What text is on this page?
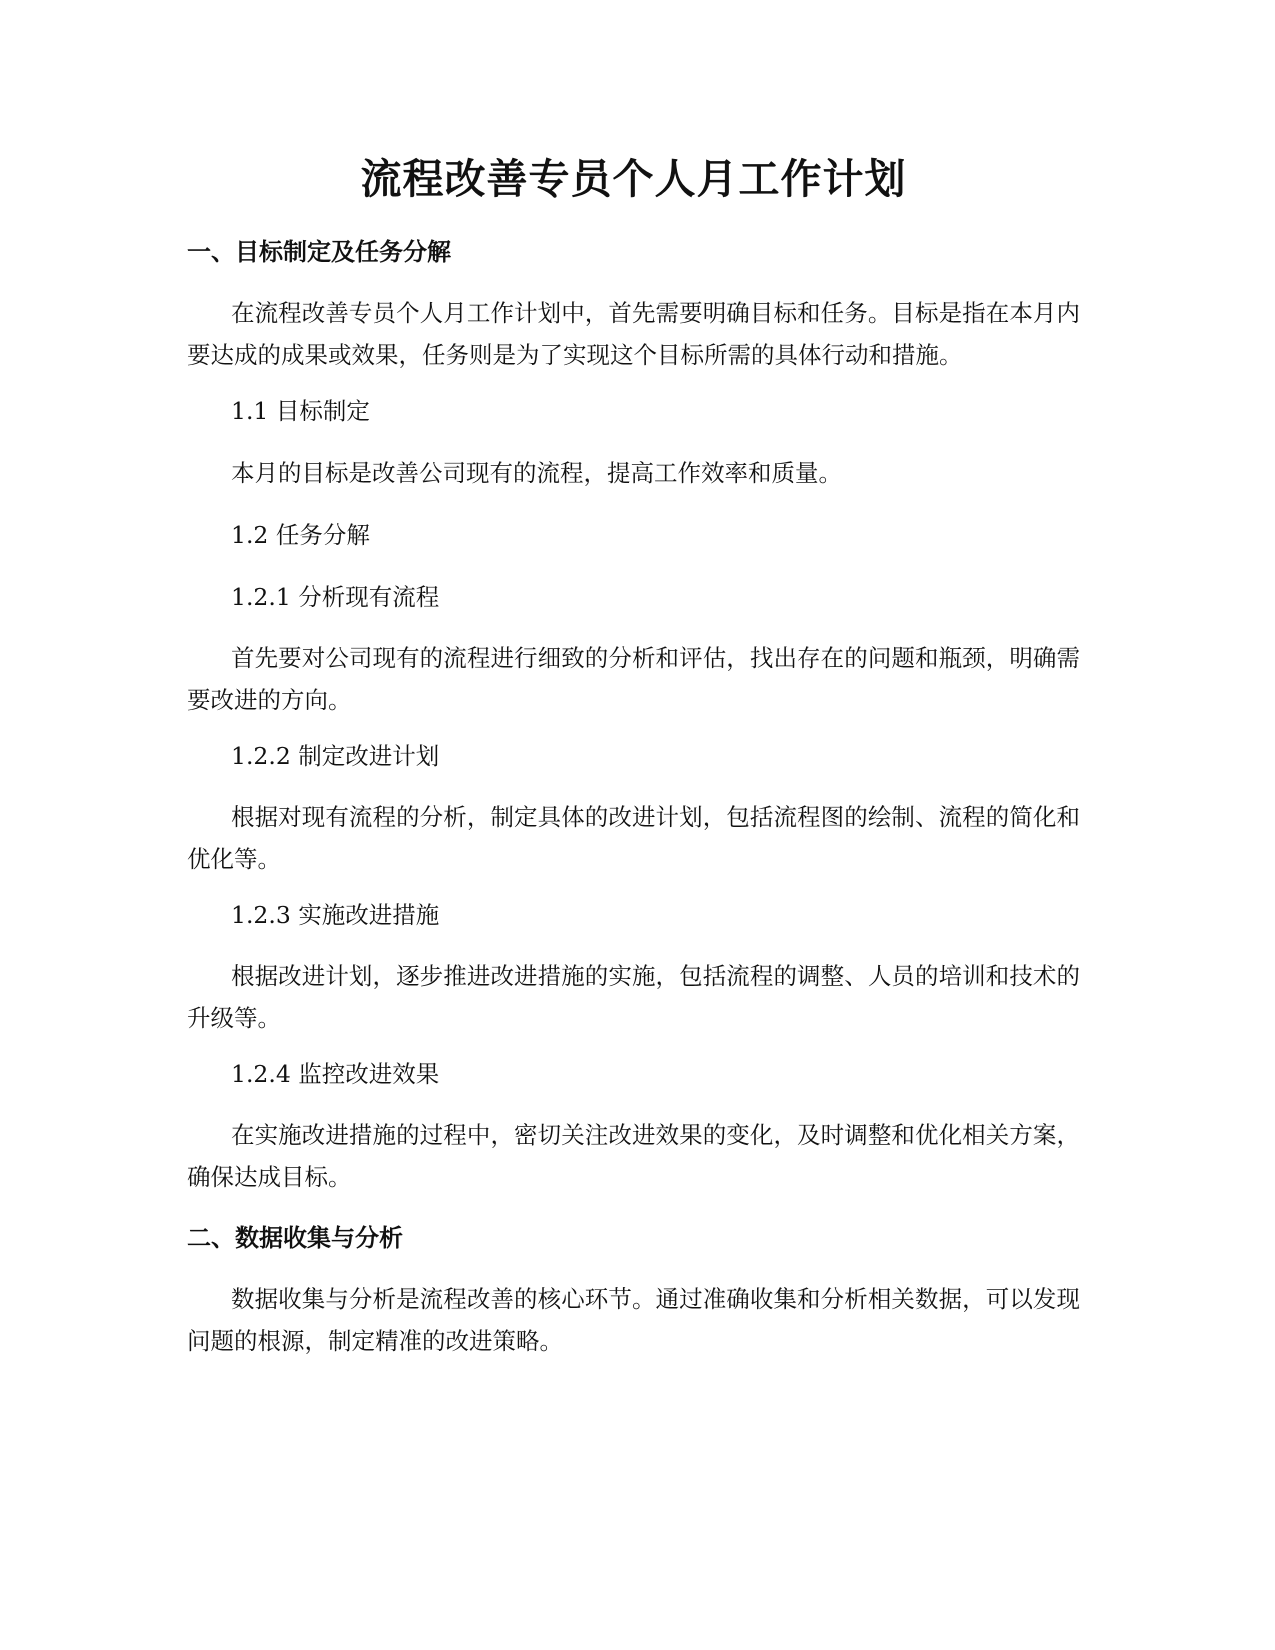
流程改善专员个人月工作计划
一、目标制定及任务分解

在流程改善专员个人月工作计划中，首先需要明确目标和任务。目标是指在本月内要达成的成果或效果，任务则是为了实现这个目标所需的具体行动和措施。

1.1 目标制定

本月的目标是改善公司现有的流程，提高工作效率和质量。

1.2 任务分解

1.2.1 分析现有流程

首先要对公司现有的流程进行细致的分析和评估，找出存在的问题和瓶颈，明确需要改进的方向。

1.2.2 制定改进计划

根据对现有流程的分析，制定具体的改进计划，包括流程图的绘制、流程的简化和优化等。

1.2.3 实施改进措施

根据改进计划，逐步推进改进措施的实施，包括流程的调整、人员的培训和技术的升级等。

1.2.4 监控改进效果

在实施改进措施的过程中，密切关注改进效果的变化，及时调整和优化相关方案，确保达成目标。

二、数据收集与分析

数据收集与分析是流程改善的核心环节。通过准确收集和分析相关数据，可以发现问题的根源，制定精准的改进策略。
